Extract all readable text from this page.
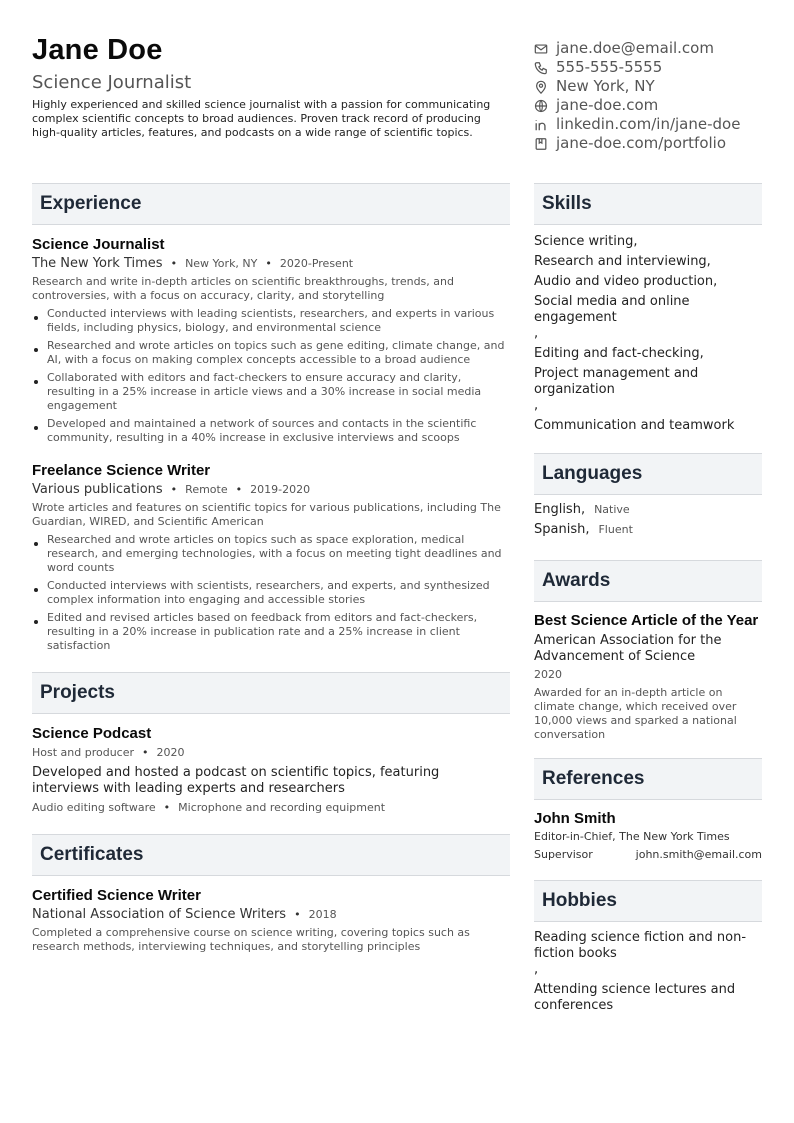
Jane Doe
Science Journalist
Highly experienced and skilled science journalist with a passion for communicating complex scientific concepts to broad audiences. Proven track record of producing high-quality articles, features, and podcasts on a wide range of scientific topics.
jane.doe@email.com
555-555-5555
New York, NY
jane-doe.com
linkedin.com/in/jane-doe
jane-doe.com/portfolio
Experience
Science Journalist
The New York Times • New York, NY • 2020-Present
Research and write in-depth articles on scientific breakthroughs, trends, and controversies, with a focus on accuracy, clarity, and storytelling
Conducted interviews with leading scientists, researchers, and experts in various fields, including physics, biology, and environmental science
Researched and wrote articles on topics such as gene editing, climate change, and AI, with a focus on making complex concepts accessible to a broad audience
Collaborated with editors and fact-checkers to ensure accuracy and clarity, resulting in a 25% increase in article views and a 30% increase in social media engagement
Developed and maintained a network of sources and contacts in the scientific community, resulting in a 40% increase in exclusive interviews and scoops
Freelance Science Writer
Various publications • Remote • 2019-2020
Wrote articles and features on scientific topics for various publications, including The Guardian, WIRED, and Scientific American
Researched and wrote articles on topics such as space exploration, medical research, and emerging technologies, with a focus on meeting tight deadlines and word counts
Conducted interviews with scientists, researchers, and experts, and synthesized complex information into engaging and accessible stories
Edited and revised articles based on feedback from editors and fact-checkers, resulting in a 20% increase in publication rate and a 25% increase in client satisfaction
Projects
Science Podcast
Host and producer • 2020
Developed and hosted a podcast on scientific topics, featuring interviews with leading experts and researchers
Audio editing software • Microphone and recording equipment
Certificates
Certified Science Writer
National Association of Science Writers • 2018
Completed a comprehensive course on science writing, covering topics such as research methods, interviewing techniques, and storytelling principles
Skills
Science writing,
Research and interviewing,
Audio and video production,
Social media and online engagement
,
Editing and fact-checking,
Project management and organization
,
Communication and teamwork
Languages
English, Native
Spanish, Fluent
Awards
Best Science Article of the Year
American Association for the Advancement of Science
2020
Awarded for an in-depth article on climate change, which received over 10,000 views and sparked a national conversation
References
John Smith
Editor-in-Chief, The New York Times
Supervisor	john.smith@email.com
Hobbies
Reading science fiction and non-fiction books
,
Attending science lectures and conferences
